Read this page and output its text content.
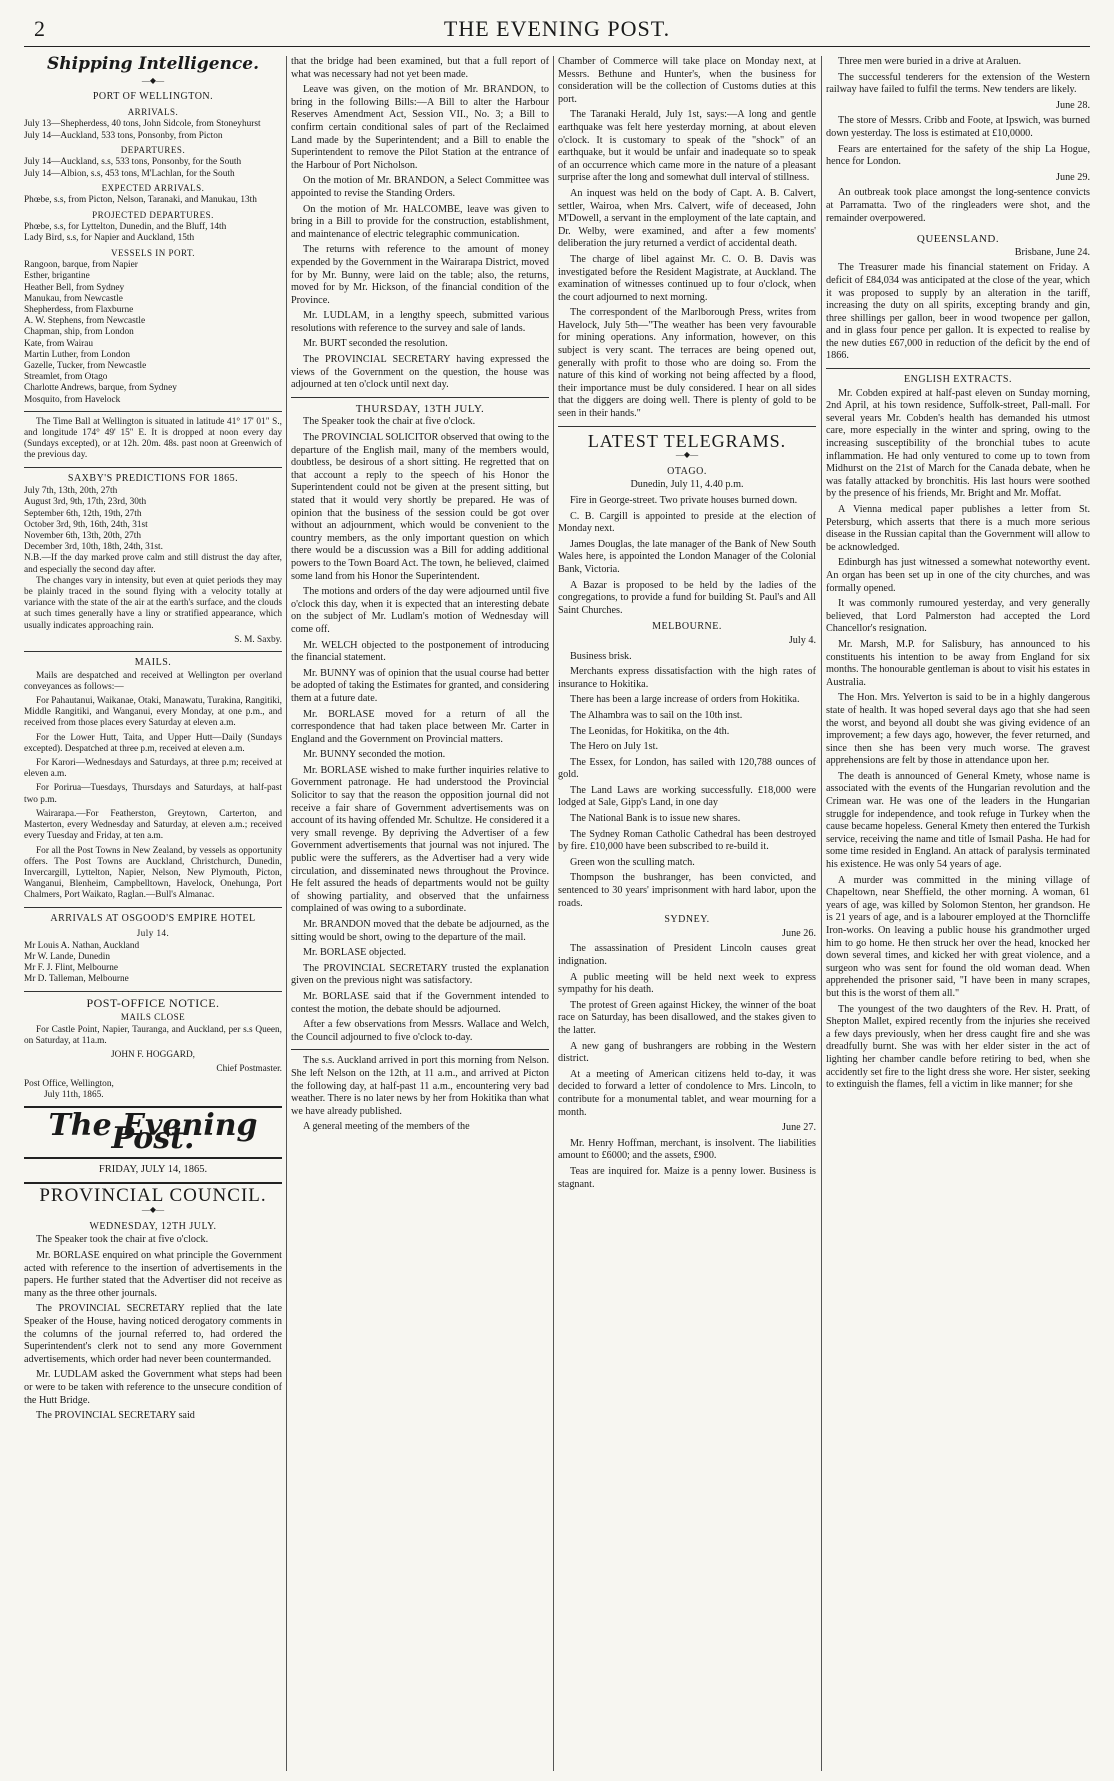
2	THE EVENING POST.
Shipping Intelligence.
—◆—
PORT OF WELLINGTON.
ARRIVALS.

July 13—Shepherdess, 40 tons, John Sidcole, from Stoneyhurst

July 14—Auckland, 533 tons, Ponsonby, from Picton

DEPARTURES.

July 14—Auckland, s.s, 533 tons, Ponsonby, for the South

July 14—Albion, s.s, 453 tons, M'Lachlan, for the South

EXPECTED ARRIVALS.

Phœbe, s.s, from Picton, Nelson, Taranaki, and Manukau, 13th

PROJECTED DEPARTURES.

Phœbe, s.s, for Lyttelton, Dunedin, and the Bluff, 14th

Lady Bird, s.s, for Napier and Auckland, 15th

VESSELS IN PORT.

Rangoon, barque, from Napier

Esther, brigantine

Heather Bell, from Sydney

Manukau, from Newcastle

Shepherdess, from Flaxburne

A. W. Stephens, from Newcastle

Chapman, ship, from London

Kate, from Wairau

Martin Luther, from London

Gazelle, Tucker, from Newcastle

Streamlet, from Otago

Charlotte Andrews, barque, from Sydney

Mosquito, from Havelock

The Time Ball at Wellington is situated in latitude 41° 17' 01" S., and longitude 174° 49' 15" E. It is dropped at noon every day (Sundays excepted), or at 12h. 20m. 48s. past noon at Greenwich of the previous day.

SAXBY'S PREDICTIONS FOR 1865.

July 7th, 13th, 20th, 27th

August 3rd, 9th, 17th, 23rd, 30th

September 6th, 12th, 19th, 27th

October 3rd, 9th, 16th, 24th, 31st

November 6th, 13th, 20th, 27th

December 3rd, 10th, 18th, 24th, 31st.

N.B.—If the day marked prove calm and still distrust the day after, and especially the second day after.

The changes vary in intensity, but even at quiet periods they may be plainly traced in the sound flying with a velocity totally at variance with the state of the air at the earth's surface, and the clouds at such times generally have a liny or stratified appearance, which usually indicates approaching rain.

S. M. Saxby.

MAILS.

Mails are despatched and received at Wellington per overland conveyances as follows:—

For Pahautanui, Waikanae, Otaki, Manawatu, Turakina, Rangitiki, Middle Rangitiki, and Wanganui, every Monday, at one p.m., and received from those places every Saturday at eleven a.m.

For the Lower Hutt, Taita, and Upper Hutt—Daily (Sundays excepted). Despatched at three p.m, received at eleven a.m.

For Karori—Wednesdays and Saturdays, at three p.m; received at eleven a.m.

For Porirua—Tuesdays, Thursdays and Saturdays, at half-past two p.m.

Wairarapa.—For Featherston, Greytown, Carterton, and Masterton, every Wednesday and Saturday, at eleven a.m.; received every Tuesday and Friday, at ten a.m.

For all the Post Towns in New Zealand, by vessels as opportunity offers. The Post Towns are Auckland, Christchurch, Dunedin, Invercargill, Lyttelton, Napier, Nelson, New Plymouth, Picton, Wanganui, Blenheim, Campbelltown, Havelock, Onehunga, Port Chalmers, Port Waikato, Raglan.—Bull's Almanac.

ARRIVALS AT OSGOOD'S EMPIRE HOTEL
July 14.

Mr Louis A. Nathan, Auckland

Mr W. Lande, Dunedin

Mr F. J. Flint, Melbourne

Mr D. Talleman, Melbourne

POST-OFFICE NOTICE.
MAILS CLOSE

For Castle Point, Napier, Tauranga, and Auckland, per s.s Queen, on Saturday, at 11a.m.

JOHN F. HOGGARD,

Chief Postmaster.

Post Office, Wellington,

July 11th, 1865.

The Evening Post.
FRIDAY, JULY 14, 1865.
PROVINCIAL COUNCIL.
—◆—
WEDNESDAY, 12TH JULY.

The Speaker took the chair at five o'clock.

Mr. BORLASE enquired on what principle the Government acted with reference to the insertion of advertisements in the papers. He further stated that the Advertiser did not receive as many as the three other journals.

The PROVINCIAL SECRETARY replied that the late Speaker of the House, having noticed derogatory comments in the columns of the journal referred to, had ordered the Superintendent's clerk not to send any more Government advertisements, which order had never been countermanded.

Mr. LUDLAM asked the Government what steps had been or were to be taken with reference to the unsecure condition of the Hutt Bridge.

The PROVINCIAL SECRETARY said

that the bridge had been examined, but that a full report of what was necessary had not yet been made.

Leave was given, on the motion of Mr. BRANDON, to bring in the following Bills:—A Bill to alter the Harbour Reserves Amendment Act, Session VII., No. 3; a Bill to confirm certain conditional sales of part of the Reclaimed Land made by the Superintendent; and a Bill to enable the Superintendent to remove the Pilot Station at the entrance of the Harbour of Port Nicholson.

On the motion of Mr. BRANDON, a Select Committee was appointed to revise the Standing Orders.

On the motion of Mr. HALCOMBE, leave was given to bring in a Bill to provide for the construction, establishment, and maintenance of electric telegraphic communication.

The returns with reference to the amount of money expended by the Government in the Wairarapa District, moved for by Mr. Bunny, were laid on the table; also, the returns, moved for by Mr. Hickson, of the financial condition of the Province.

Mr. LUDLAM, in a lengthy speech, submitted various resolutions with reference to the survey and sale of lands.

Mr. BURT seconded the resolution.

The PROVINCIAL SECRETARY having expressed the views of the Government on the question, the house was adjourned at ten o'clock until next day.

THURSDAY, 13TH JULY.

The Speaker took the chair at five o'clock.

The PROVINCIAL SOLICITOR observed that owing to the departure of the English mail, many of the members would, doubtless, be desirous of a short sitting. He regretted that on that account a reply to the speech of his Honor the Superintendent could not be given at the present sitting, but stated that it would very shortly be prepared. He was of opinion that the business of the session could be got over without an adjournment, which would be convenient to the country members, as the only important question on which there would be a discussion was a Bill for adding additional powers to the Town Board Act. The town, he believed, claimed some land from his Honor the Superintendent.

The motions and orders of the day were adjourned until five o'clock this day, when it is expected that an interesting debate on the subject of Mr. Ludlam's motion of Wednesday will come off.

Mr. WELCH objected to the postponement of introducing the financial statement.

Mr. BUNNY was of opinion that the usual course had better be adopted of taking the Estimates for granted, and considering them at a future date.

Mr. BORLASE moved for a return of all the correspondence that had taken place between Mr. Carter in England and the Government on Provincial matters.

Mr. BUNNY seconded the motion.

Mr. BORLASE wished to make further inquiries relative to Government patronage. He had understood the Provincial Solicitor to say that the reason the opposition journal did not receive a fair share of Government advertisements was on account of its having offended Mr. Schultze. He considered it a very small revenge. By depriving the Advertiser of a few Government advertisements that journal was not injured. The public were the sufferers, as the Advertiser had a very wide circulation, and disseminated news throughout the Province. He felt assured the heads of departments would not be guilty of showing partiality, and observed that the unfairness complained of was owing to a subordinate.

Mr. BRANDON moved that the debate be adjourned, as the sitting would be short, owing to the departure of the mail.

Mr. BORLASE objected.

The PROVINCIAL SECRETARY trusted the explanation given on the previous night was satisfactory.

Mr. BORLASE said that if the Government intended to contest the motion, the debate should be adjourned.

After a few observations from Messrs. Wallace and Welch, the Council adjourned to five o'clock to-day.

The s.s. Auckland arrived in port this morning from Nelson. She left Nelson on the 12th, at 11 a.m., and arrived at Picton the following day, at half-past 11 a.m., encountering very bad weather. There is no later news by her from Hokitika than what we have already published.

A general meeting of the members of the

Chamber of Commerce will take place on Monday next, at Messrs. Bethune and Hunter's, when the business for consideration will be the collection of Customs duties at this port.

The Taranaki Herald, July 1st, says:—A long and gentle earthquake was felt here yesterday morning, at about eleven o'clock. It is customary to speak of the "shock" of an earthquake, but it would be unfair and inadequate so to speak of an occurrence which came more in the nature of a pleasant surprise after the long and somewhat dull interval of stillness.

An inquest was held on the body of Capt. A. B. Calvert, settler, Wairoa, when Mrs. Calvert, wife of deceased, John M'Dowell, a servant in the employment of the late captain, and Dr. Welby, were examined, and after a few moments' deliberation the jury returned a verdict of accidental death.

The charge of libel against Mr. C. O. B. Davis was investigated before the Resident Magistrate, at Auckland. The examination of witnesses continued up to four o'clock, when the court adjourned to next morning.

The correspondent of the Marlborough Press, writes from Havelock, July 5th—"The weather has been very favourable for mining operations. Any information, however, on this subject is very scant. The terraces are being opened out, generally with profit to those who are doing so. From the nature of this kind of working not being affected by a flood, their importance must be duly considered. I hear on all sides that the diggers are doing well. There is plenty of gold to be seen in their hands."

LATEST TELEGRAMS.
—◆—
OTAGO.

Dunedin, July 11, 4.40 p.m.

Fire in George-street. Two private houses burned down.

C. B. Cargill is appointed to preside at the election of Monday next.

James Douglas, the late manager of the Bank of New South Wales here, is appointed the London Manager of the Colonial Bank, Victoria.

A Bazar is proposed to be held by the ladies of the congregations, to provide a fund for building St. Paul's and All Saint Churches.

MELBOURNE.

July 4.

Business brisk.

Merchants express dissatisfaction with the high rates of insurance to Hokitika.

There has been a large increase of orders from Hokitika.

The Alhambra was to sail on the 10th inst.

The Leonidas, for Hokitika, on the 4th.

The Hero on July 1st.

The Essex, for London, has sailed with 120,788 ounces of gold.

The Land Laws are working successfully. £18,000 were lodged at Sale, Gipp's Land, in one day

The National Bank is to issue new shares.

The Sydney Roman Catholic Cathedral has been destroyed by fire. £10,000 have been subscribed to re-build it.

Green won the sculling match.

Thompson the bushranger, has been convicted, and sentenced to 30 years' imprisonment with hard labor, upon the roads.

SYDNEY.

June 26.

The assassination of President Lincoln causes great indignation.

A public meeting will be held next week to express sympathy for his death.

The protest of Green against Hickey, the winner of the boat race on Saturday, has been disallowed, and the stakes given to the latter.

A new gang of bushrangers are robbing in the Western district.

At a meeting of American citizens held to-day, it was decided to forward a letter of condolence to Mrs. Lincoln, to contribute for a monumental tablet, and wear mourning for a month.

June 27.

Mr. Henry Hoffman, merchant, is insolvent. The liabilities amount to £6000; and the assets, £900.

Teas are inquired for. Maize is a penny lower. Business is stagnant.

Three men were buried in a drive at Araluen.

The successful tenderers for the extension of the Western railway have failed to fulfil the terms. New tenders are likely.

June 28.

The store of Messrs. Cribb and Foote, at Ipswich, was burned down yesterday. The loss is estimated at £10,0000.

Fears are entertained for the safety of the ship La Hogue, hence for London.

June 29.

An outbreak took place amongst the long-sentence convicts at Parramatta. Two of the ringleaders were shot, and the remainder overpowered.

QUEENSLAND.

Brisbane, June 24.

The Treasurer made his financial statement on Friday. A deficit of £84,034 was anticipated at the close of the year, which it was proposed to supply by an alteration in the tariff, increasing the duty on all spirits, excepting brandy and gin, three shillings per gallon, beer in wood twopence per gallon, and in glass four pence per gallon. It is expected to realise by the new duties £67,000 in reduction of the deficit by the end of 1866.

ENGLISH EXTRACTS.

Mr. Cobden expired at half-past eleven on Sunday morning, 2nd April, at his town residence, Suffolk-street, Pall-mall. For several years Mr. Cobden's health has demanded his utmost care, more especially in the winter and spring, owing to the increasing susceptibility of the bronchial tubes to acute inflammation. He had only ventured to come up to town from Midhurst on the 21st of March for the Canada debate, when he was fatally attacked by bronchitis. His last hours were soothed by the presence of his friends, Mr. Bright and Mr. Moffat.

A Vienna medical paper publishes a letter from St. Petersburg, which asserts that there is a much more serious disease in the Russian capital than the Government will allow to be acknowledged.

Edinburgh has just witnessed a somewhat noteworthy event. An organ has been set up in one of the city churches, and was formally opened.

It was commonly rumoured yesterday, and very generally believed, that Lord Palmerston had accepted the Lord Chancellor's resignation.

Mr. Marsh, M.P. for Salisbury, has announced to his constituents his intention to be away from England for six months. The honourable gentleman is about to visit his estates in Australia.

The Hon. Mrs. Yelverton is said to be in a highly dangerous state of health. It was hoped several days ago that she had seen the worst, and beyond all doubt she was giving evidence of an improvement; a few days ago, however, the fever returned, and since then she has been very much worse. The gravest apprehensions are felt by those in attendance upon her.

The death is announced of General Kmety, whose name is associated with the events of the Hungarian revolution and the Crimean war. He was one of the leaders in the Hungarian struggle for independence, and took refuge in Turkey when the cause became hopeless. General Kmety then entered the Turkish service, receiving the name and title of Ismail Pasha. He had for some time resided in England. An attack of paralysis terminated his existence. He was only 54 years of age.

A murder was committed in the mining village of Chapeltown, near Sheffield, the other morning. A woman, 61 years of age, was killed by Solomon Stenton, her grandson. He is 21 years of age, and is a labourer employed at the Thorncliffe Iron-works. On leaving a public house his grandmother urged him to go home. He then struck her over the head, knocked her down several times, and kicked her with great violence, and a surgeon who was sent for found the old woman dead. When apprehended the prisoner said, "I have been in many scrapes, but this is the worst of them all."

The youngest of the two daughters of the Rev. H. Pratt, of Shepton Mallet, expired recently from the injuries she received a few days previously, when her dress caught fire and she was dreadfully burnt. She was with her elder sister in the act of lighting her chamber candle before retiring to bed, when she accidently set fire to the light dress she wore. Her sister, seeking to extinguish the flames, fell a victim in like manner; for she
